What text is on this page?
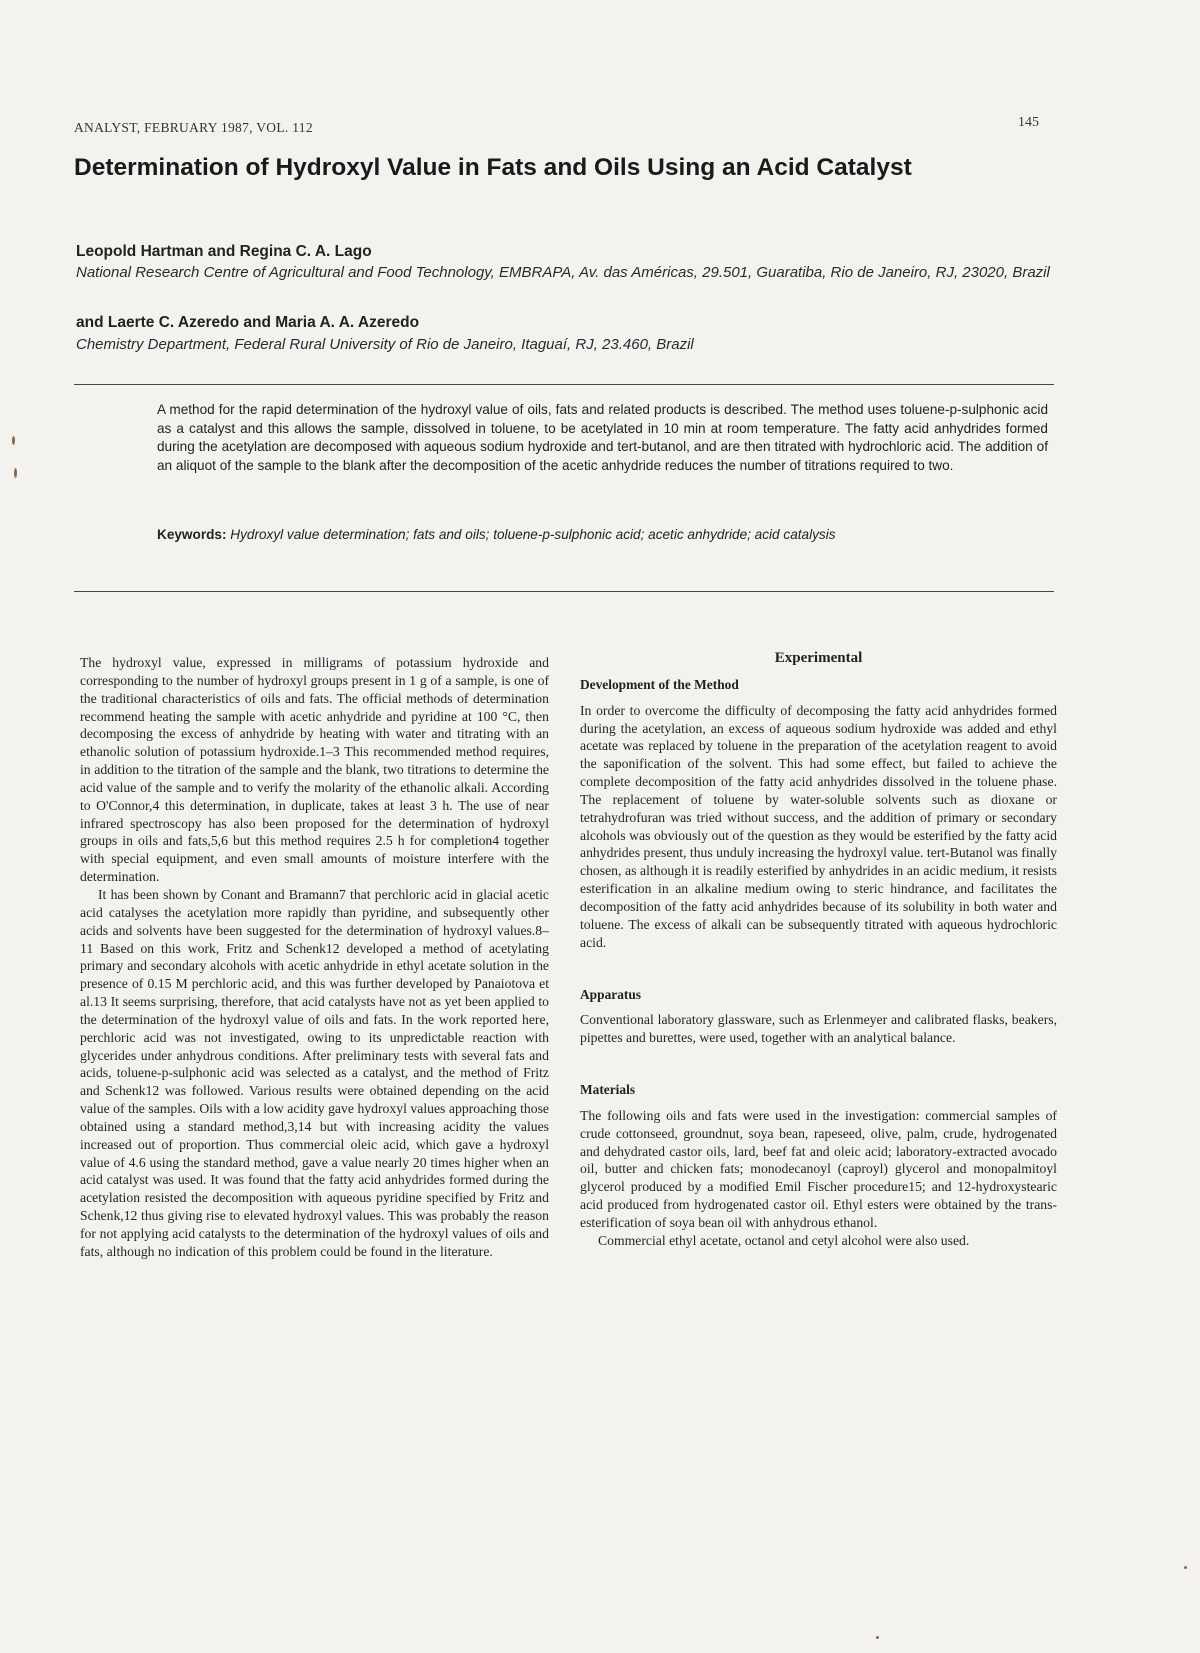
ANALYST, FEBRUARY 1987, VOL. 112	145
Determination of Hydroxyl Value in Fats and Oils Using an Acid Catalyst

Leopold Hartman and Regina C. A. Lago

National Research Centre of Agricultural and Food Technology, EMBRAPA, Av. das Américas, 29.501, Guaratiba, Rio de Janeiro, RJ, 23020, Brazil

and Laerte C. Azeredo and Maria A. A. Azeredo

Chemistry Department, Federal Rural University of Rio de Janeiro, Itaguaí, RJ, 23.460, Brazil

A method for the rapid determination of the hydroxyl value of oils, fats and related products is described. The method uses toluene-p-sulphonic acid as a catalyst and this allows the sample, dissolved in toluene, to be acetylated in 10 min at room temperature. The fatty acid anhydrides formed during the acetylation are decomposed with aqueous sodium hydroxide and tert-butanol, and are then titrated with hydrochloric acid. The addition of an aliquot of the sample to the blank after the decomposition of the acetic anhydride reduces the number of titrations required to two.

Keywords: Hydroxyl value determination; fats and oils; toluene-p-sulphonic acid; acetic anhydride; acid catalysis

The hydroxyl value, expressed in milligrams of potassium hydroxide and corresponding to the number of hydroxyl groups present in 1 g of a sample, is one of the traditional characteristics of oils and fats. The official methods of determination recommend heating the sample with acetic anhydride and pyridine at 100 °C, then decomposing the excess of anhydride by heating with water and titrating with an ethanolic solution of potassium hydroxide.1–3 This recommended method requires, in addition to the titration of the sample and the blank, two titrations to determine the acid value of the sample and to verify the molarity of the ethanolic alkali. According to O'Connor,4 this determination, in duplicate, takes at least 3 h. The use of near infrared spectroscopy has also been proposed for the determination of hydroxyl groups in oils and fats,5,6 but this method requires 2.5 h for completion4 together with special equipment, and even small amounts of moisture interfere with the determination.

It has been shown by Conant and Bramann7 that perchloric acid in glacial acetic acid catalyses the acetylation more rapidly than pyridine, and subsequently other acids and solvents have been suggested for the determination of hydroxyl values.8–11 Based on this work, Fritz and Schenk12 developed a method of acetylating primary and secondary alcohols with acetic anhydride in ethyl acetate solution in the presence of 0.15 M perchloric acid, and this was further developed by Panaiotova et al.13 It seems surprising, therefore, that acid catalysts have not as yet been applied to the determination of the hydroxyl value of oils and fats. In the work reported here, perchloric acid was not investigated, owing to its unpredictable reaction with glycerides under anhydrous conditions. After preliminary tests with several fats and acids, toluene-p-sulphonic acid was selected as a catalyst, and the method of Fritz and Schenk12 was followed. Various results were obtained depending on the acid value of the samples. Oils with a low acidity gave hydroxyl values approaching those obtained using a standard method,3,14 but with increasing acidity the values increased out of proportion. Thus commercial oleic acid, which gave a hydroxyl value of 4.6 using the standard method, gave a value nearly 20 times higher when an acid catalyst was used. It was found that the fatty acid anhydrides formed during the acetylation resisted the decomposition with aqueous pyridine specified by Fritz and Schenk,12 thus giving rise to elevated hydroxyl values. This was probably the reason for not applying acid catalysts to the determination of the hydroxyl values of oils and fats, although no indication of this problem could be found in the literature.

Experimental
Development of the Method

In order to overcome the difficulty of decomposing the fatty acid anhydrides formed during the acetylation, an excess of aqueous sodium hydroxide was added and ethyl acetate was replaced by toluene in the preparation of the acetylation reagent to avoid the saponification of the solvent. This had some effect, but failed to achieve the complete decomposition of the fatty acid anhydrides dissolved in the toluene phase. The replacement of toluene by water-soluble solvents such as dioxane or tetrahydrofuran was tried without success, and the addition of primary or secondary alcohols was obviously out of the question as they would be esterified by the fatty acid anhydrides present, thus unduly increasing the hydroxyl value. tert-Butanol was finally chosen, as although it is readily esterified by anhydrides in an acidic medium, it resists esterification in an alkaline medium owing to steric hindrance, and facilitates the decomposition of the fatty acid anhydrides because of its solubility in both water and toluene. The excess of alkali can be subsequently titrated with aqueous hydrochloric acid.

Apparatus

Conventional laboratory glassware, such as Erlenmeyer and calibrated flasks, beakers, pipettes and burettes, were used, together with an analytical balance.

Materials

The following oils and fats were used in the investigation: commercial samples of crude cottonseed, groundnut, soya bean, rapeseed, olive, palm, crude, hydrogenated and dehydrated castor oils, lard, beef fat and oleic acid; laboratory-extracted avocado oil, butter and chicken fats; monodecanoyl (caproyl) glycerol and monopalmitoyl glycerol produced by a modified Emil Fischer procedure15; and 12-hydroxystearic acid produced from hydrogenated castor oil. Ethyl esters were obtained by the trans-esterification of soya bean oil with anhydrous ethanol.

Commercial ethyl acetate, octanol and cetyl alcohol were also used.
